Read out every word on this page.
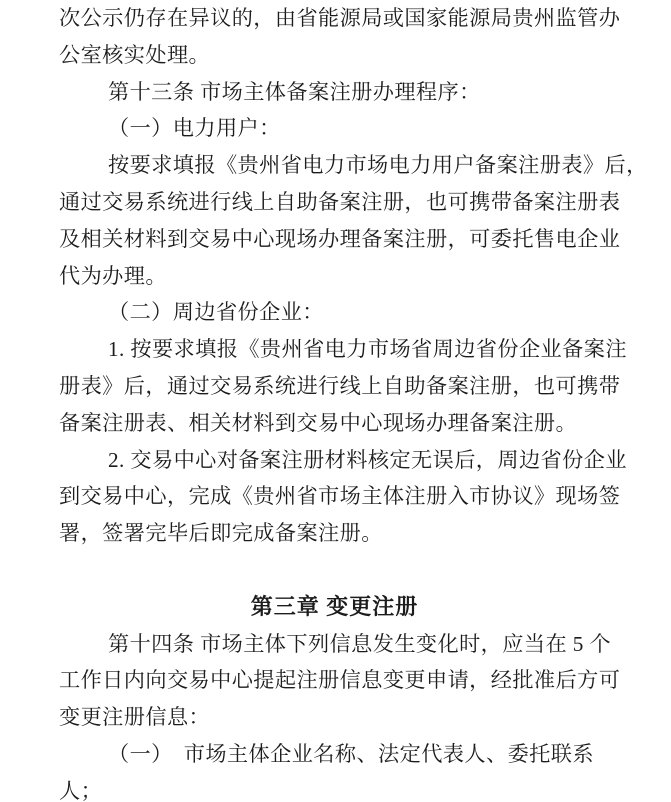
次公示仍存在异议的，由省能源局或国家能源局贵州监管办
公室核实处理。
第十三条 市场主体备案注册办理程序：
（一）电力用户：
按要求填报《贵州省电力市场电力用户备案注册表》后，
通过交易系统进行线上自助备案注册，也可携带备案注册表
及相关材料到交易中心现场办理备案注册，可委托售电企业
代为办理。
（二）周边省份企业：
1. 按要求填报《贵州省电力市场省周边省份企业备案注
册表》后，通过交易系统进行线上自助备案注册，也可携带
备案注册表、相关材料到交易中心现场办理备案注册。
2. 交易中心对备案注册材料核定无误后，周边省份企业
到交易中心，完成《贵州省市场主体注册入市协议》现场签
署，签署完毕后即完成备案注册。
第三章 变更注册
第十四条 市场主体下列信息发生变化时，应当在 5 个
工作日内向交易中心提起注册信息变更申请，经批准后方可
变更注册信息：
（一）　市场主体企业名称、法定代表人、委托联系
人；
